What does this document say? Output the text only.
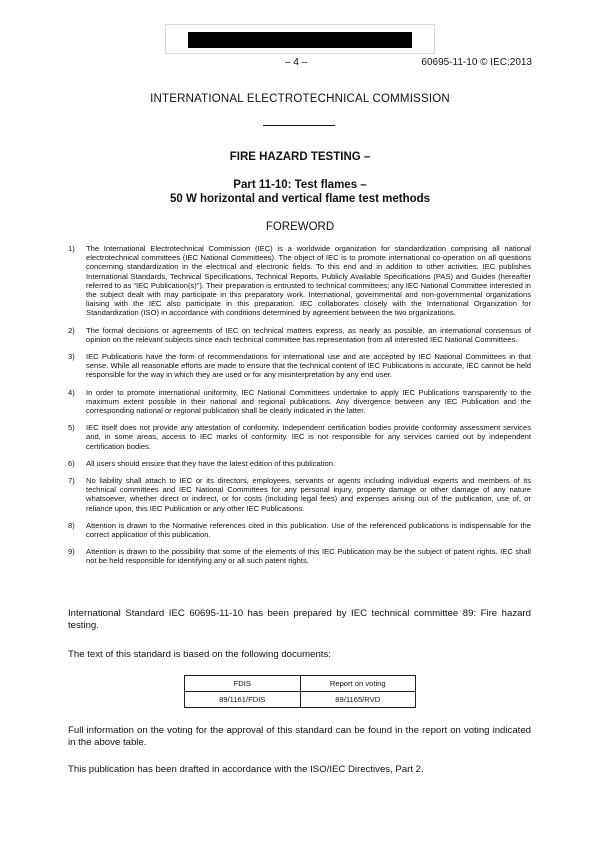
– 4 –	60695-11-10 © IEC:2013
INTERNATIONAL ELECTROTECHNICAL COMMISSION
FIRE HAZARD TESTING –
Part 11-10: Test flames –
50 W horizontal and vertical flame test methods
FOREWORD
1) The International Electrotechnical Commission (IEC) is a worldwide organization for standardization comprising all national electrotechnical committees (IEC National Committees). The object of IEC is to promote international co-operation on all questions concerning standardization in the electrical and electronic fields. To this end and in addition to other activities, IEC publishes International Standards, Technical Specifications, Technical Reports, Publicly Available Specifications (PAS) and Guides (hereafter referred to as “IEC Publication(s)”). Their preparation is entrusted to technical committees; any IEC National Committee interested in the subject dealt with may participate in this preparatory work. International, governmental and non-governmental organizations liaising with the IEC also participate in this preparation. IEC collaborates closely with the International Organization for Standardization (ISO) in accordance with conditions determined by agreement between the two organizations.
2) The formal decisions or agreements of IEC on technical matters express, as nearly as possible, an international consensus of opinion on the relevant subjects since each technical committee has representation from all interested IEC National Committees.
3) IEC Publications have the form of recommendations for international use and are accepted by IEC National Committees in that sense. While all reasonable efforts are made to ensure that the technical content of IEC Publications is accurate, IEC cannot be held responsible for the way in which they are used or for any misinterpretation by any end user.
4) In order to promote international uniformity, IEC National Committees undertake to apply IEC Publications transparently to the maximum extent possible in their national and regional publications. Any divergence between any IEC Publication and the corresponding national or regional publication shall be clearly indicated in the latter.
5) IEC itself does not provide any attestation of conformity. Independent certification bodies provide conformity assessment services and, in some areas, access to IEC marks of conformity. IEC is not responsible for any services carried out by independent certification bodies.
6) All users should ensure that they have the latest edition of this publication.
7) No liability shall attach to IEC or its directors, employees, servants or agents including individual experts and members of its technical committees and IEC National Committees for any personal injury, property damage or other damage of any nature whatsoever, whether direct or indirect, or for costs (including legal fees) and expenses arising out of the publication, use of, or reliance upon, this IEC Publication or any other IEC Publications.
8) Attention is drawn to the Normative references cited in this publication. Use of the referenced publications is indispensable for the correct application of this publication.
9) Attention is drawn to the possibility that some of the elements of this IEC Publication may be the subject of patent rights. IEC shall not be held responsible for identifying any or all such patent rights.

International Standard IEC 60695-11-10 has been prepared by IEC technical committee 89: Fire hazard testing.

The text of this standard is based on the following documents:

FDIS	Report on voting
89/1161/FDIS	89/1165/RVD

Full information on the voting for the approval of this standard can be found in the report on voting indicated in the above table.

This publication has been drafted in accordance with the ISO/IEC Directives, Part 2.
